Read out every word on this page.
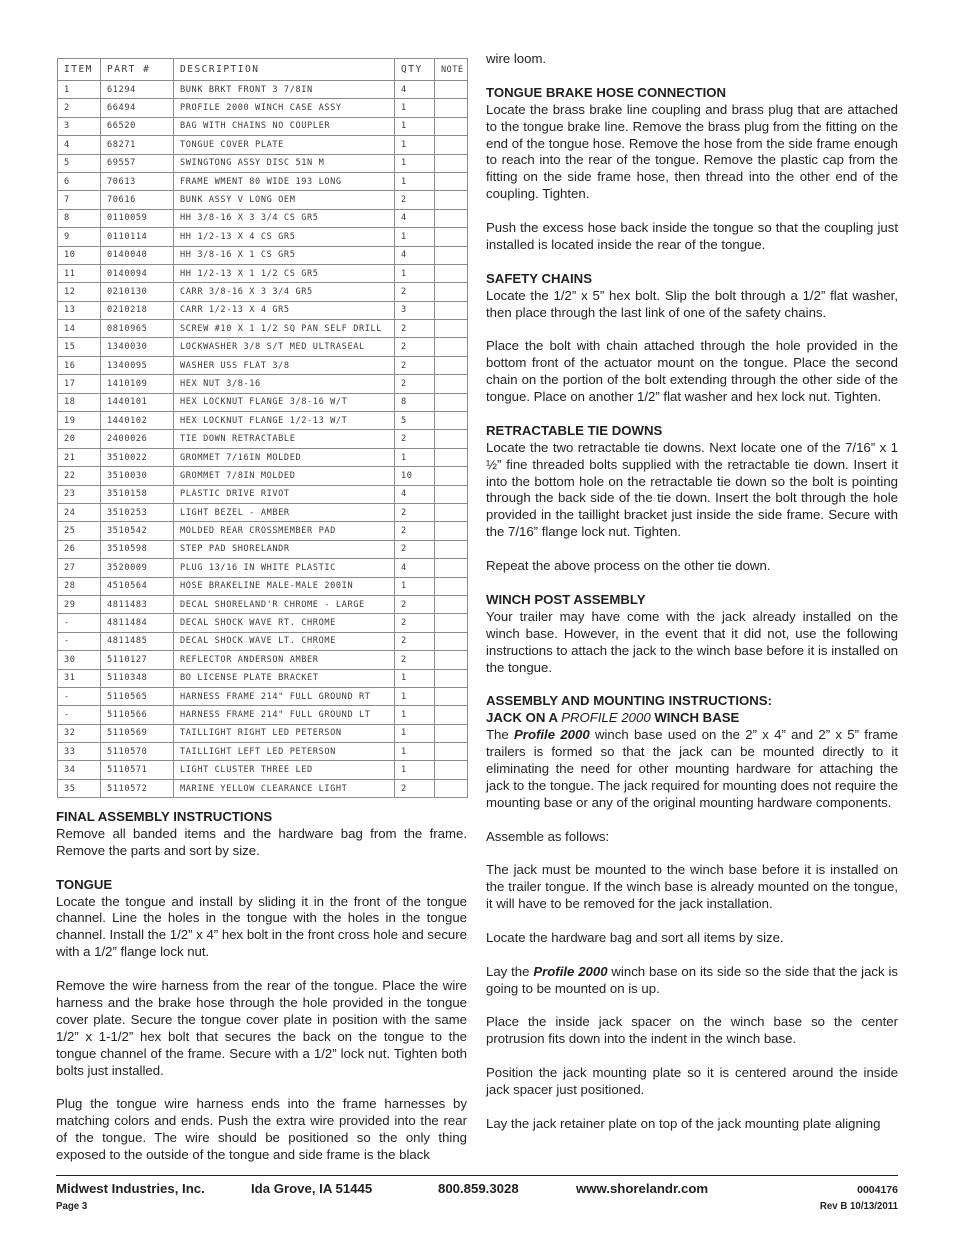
ITEM	PART #	DESCRIPTION	QTY	NOTE
1	61294	BUNK BRKT FRONT 3 7/8IN	4	
2	66494	PROFILE 2000 WINCH CASE ASSY	1	
3	66520	BAG WITH CHAINS NO COUPLER	1	
4	68271	TONGUE COVER PLATE	1	
5	69557	SWINGTONG ASSY DISC 51N M	1	
6	70613	FRAME WMENT 80 WIDE 193 LONG	1	
7	70616	BUNK ASSY V LONG OEM	2	
8	0110059	HH 3/8-16 X 3 3/4 CS GR5	4	
9	0110114	HH 1/2-13 X 4 CS GR5	1	
10	0140040	HH 3/8-16 X 1 CS GR5	4	
11	0140094	HH 1/2-13 X 1 1/2 CS GR5	1	
12	0210130	CARR 3/8-16 X 3 3/4 GR5	2	
13	0210218	CARR 1/2-13 X 4 GR5	3	
14	0810965	SCREW #10 X 1 1/2 SQ PAN SELF DRILL	2	
15	1340030	LOCKWASHER 3/8 S/T MED ULTRASEAL	2	
16	1340095	WASHER USS FLAT 3/8	2	
17	1410109	HEX NUT 3/8-16	2	
18	1440101	HEX LOCKNUT FLANGE 3/8-16 W/T	8	
19	1440102	HEX LOCKNUT FLANGE 1/2-13 W/T	5	
20	2400026	TIE DOWN RETRACTABLE	2	
21	3510022	GROMMET 7/16IN MOLDED	1	
22	3510030	GROMMET 7/8IN MOLDED	10	
23	3510158	PLASTIC DRIVE RIVOT	4	
24	3510253	LIGHT BEZEL - AMBER	2	
25	3510542	MOLDED REAR CROSSMEMBER PAD	2	
26	3510598	STEP PAD SHORELANDR	2	
27	3520009	PLUG 13/16 IN WHITE PLASTIC	4	
28	4510564	HOSE BRAKELINE MALE-MALE 200IN	1	
29	4811483	DECAL SHORELAND'R CHROME - LARGE	2	
-	4811484	DECAL SHOCK WAVE RT. CHROME	2	
-	4811485	DECAL SHOCK WAVE LT. CHROME	2	
30	5110127	REFLECTOR ANDERSON AMBER	2	
31	5110348	BO LICENSE PLATE BRACKET	1	
-	5110565	HARNESS FRAME 214" FULL GROUND RT	1	
-	5110566	HARNESS FRAME 214" FULL GROUND LT	1	
32	5110569	TAILLIGHT RIGHT LED PETERSON	1	
33	5110570	TAILLIGHT LEFT LED PETERSON	1	
34	5110571	LIGHT CLUSTER THREE LED	1	
35	5110572	MARINE YELLOW CLEARANCE LIGHT	2	
FINAL ASSEMBLY INSTRUCTIONS

Remove all banded items and the hardware bag from the frame. Remove the parts and sort by size.

TONGUE

Locate the tongue and install by sliding it in the front of the tongue channel. Line the holes in the tongue with the holes in the tongue channel. Install the 1/2” x 4” hex bolt in the front cross hole and secure with a 1/2” flange lock nut.

Remove the wire harness from the rear of the tongue. Place the wire harness and the brake hose through the hole provided in the tongue cover plate. Secure the tongue cover plate in position with the same 1/2” x 1-1/2” hex bolt that secures the back on the tongue to the tongue channel of the frame. Secure with a 1/2” lock nut. Tighten both bolts just installed.

Plug the tongue wire harness ends into the frame harnesses by matching colors and ends. Push the extra wire provided into the rear of the tongue. The wire should be positioned so the only thing exposed to the outside of the tongue and side frame is the black

wire loom.

TONGUE BRAKE HOSE CONNECTION

Locate the brass brake line coupling and brass plug that are attached to the tongue brake line. Remove the brass plug from the fitting on the end of the tongue hose. Remove the hose from the side frame enough to reach into the rear of the tongue. Remove the plastic cap from the fitting on the side frame hose, then thread into the other end of the coupling. Tighten.

Push the excess hose back inside the tongue so that the coupling just installed is located inside the rear of the tongue.

SAFETY CHAINS

Locate the 1/2” x 5” hex bolt. Slip the bolt through a 1/2” flat washer, then place through the last link of one of the safety chains.

Place the bolt with chain attached through the hole provided in the bottom front of the actuator mount on the tongue. Place the second chain on the portion of the bolt extending through the other side of the tongue. Place on another 1/2” flat washer and hex lock nut. Tighten.

RETRACTABLE TIE DOWNS

Locate the two retractable tie downs. Next locate one of the 7/16” x 1 ½” fine threaded bolts supplied with the retractable tie down. Insert it into the bottom hole on the retractable tie down so the bolt is pointing through the back side of the tie down. Insert the bolt through the hole provided in the taillight bracket just inside the side frame. Secure with the 7/16” flange lock nut. Tighten.

Repeat the above process on the other tie down.

WINCH POST ASSEMBLY

Your trailer may have come with the jack already installed on the winch base. However, in the event that it did not, use the following instructions to attach the jack to the winch base before it is installed on the tongue.

ASSEMBLY AND MOUNTING INSTRUCTIONS:
JACK ON A PROFILE 2000 WINCH BASE

The Profile 2000 winch base used on the 2” x 4” and 2” x 5” frame trailers is formed so that the jack can be mounted directly to it eliminating the need for other mounting hardware for attaching the jack to the tongue. The jack required for mounting does not require the mounting base or any of the original mounting hardware components.

Assemble as follows:

The jack must be mounted to the winch base before it is installed on the trailer tongue. If the winch base is already mounted on the tongue, it will have to be removed for the jack installation.

Locate the hardware bag and sort all items by size.

Lay the Profile 2000 winch base on its side so the side that the jack is going to be mounted on is up.

Place the inside jack spacer on the winch base so the center protrusion fits down into the indent in the winch base.

Position the jack mounting plate so it is centered around the inside jack spacer just positioned.

Lay the jack retainer plate on top of the jack mounting plate aligning

Midwest Industries, Inc.	Ida Grove, IA 51445	800.859.3028	www.shorelandr.com	0004176
Page 3	Rev B 10/13/2011
